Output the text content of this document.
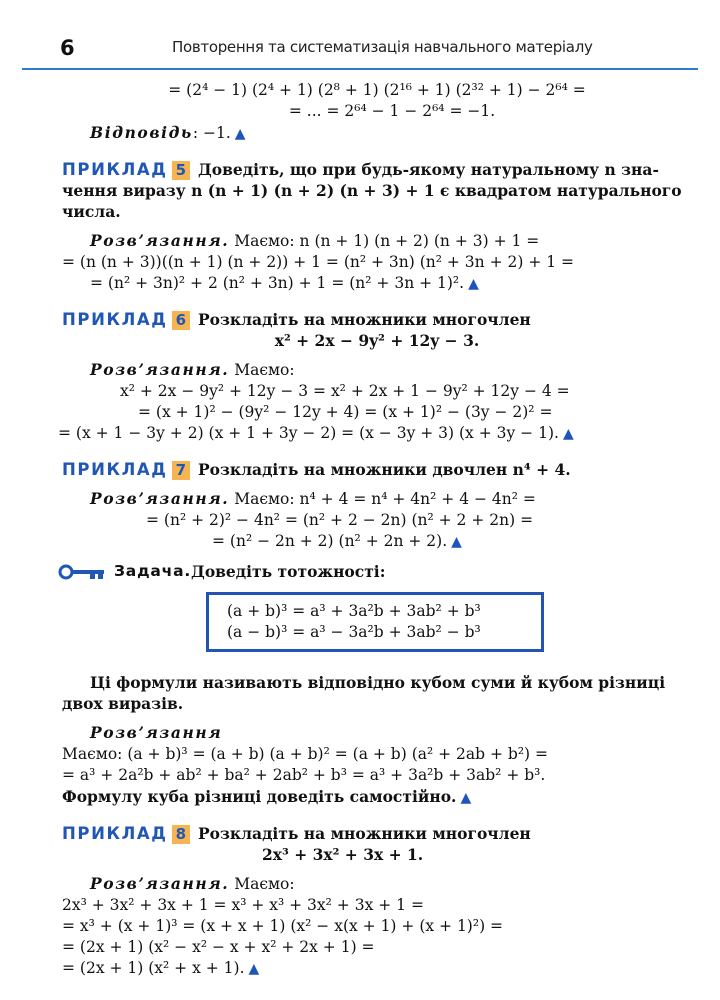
6	Повторення та систематизація навчального матеріалу
= (2⁴ − 1) (2⁴ + 1) (2⁸ + 1) (2¹⁶ + 1) (2³² + 1) − 2⁶⁴ =
= ... = 2⁶⁴ − 1 − 2⁶⁴ = −1.
Відповідь: −1. ▲
ПРИКЛАД 5 Доведіть, що при будь-якому натуральному n зна-
чення виразу n (n + 1) (n + 2) (n + 3) + 1 є квадратом натурального
числа.
Розв’язання. Маємо: n (n + 1) (n + 2) (n + 3) + 1 =
= (n (n + 3))((n + 1) (n + 2)) + 1 = (n² + 3n) (n² + 3n + 2) + 1 =
= (n² + 3n)² + 2 (n² + 3n) + 1 = (n² + 3n + 1)². ▲
ПРИКЛАД 6 Розкладіть на множники многочлен
x² + 2x − 9y² + 12y − 3.
Розв’язання. Маємо:
x² + 2x − 9y² + 12y − 3 = x² + 2x + 1 − 9y² + 12y − 4 =
= (x + 1)² − (9y² − 12y + 4) = (x + 1)² − (3y − 2)² =
= (x + 1 − 3y + 2) (x + 1 + 3y − 2) = (x − 3y + 3) (x + 3y − 1). ▲
ПРИКЛАД 7 Розкладіть на множники двочлен n⁴ + 4.
Розв’язання. Маємо: n⁴ + 4 = n⁴ + 4n² + 4 − 4n² =
= (n² + 2)² − 4n² = (n² + 2 − 2n) (n² + 2 + 2n) =
= (n² − 2n + 2) (n² + 2n + 2). ▲
Задача. Доведіть тотожності:
(a + b)³ = a³ + 3a²b + 3ab² + b³
(a − b)³ = a³ − 3a²b + 3ab² − b³
Ці формули називають відповідно кубом суми й кубом різниці
двох виразів.
Розв’язання
Маємо: (a + b)³ = (a + b) (a + b)² = (a + b) (a² + 2ab + b²) =
= a³ + 2a²b + ab² + ba² + 2ab² + b³ = a³ + 3a²b + 3ab² + b³.
Формулу куба різниці доведіть самостійно. ▲
ПРИКЛАД 8 Розкладіть на множники многочлен
2x³ + 3x² + 3x + 1.
Розв’язання. Маємо:
2x³ + 3x² + 3x + 1 = x³ + x³ + 3x² + 3x + 1 =
= x³ + (x + 1)³ = (x + x + 1) (x² − x(x + 1) + (x + 1)²) =
= (2x + 1) (x² − x² − x + x² + 2x + 1) =
= (2x + 1) (x² + x + 1). ▲
